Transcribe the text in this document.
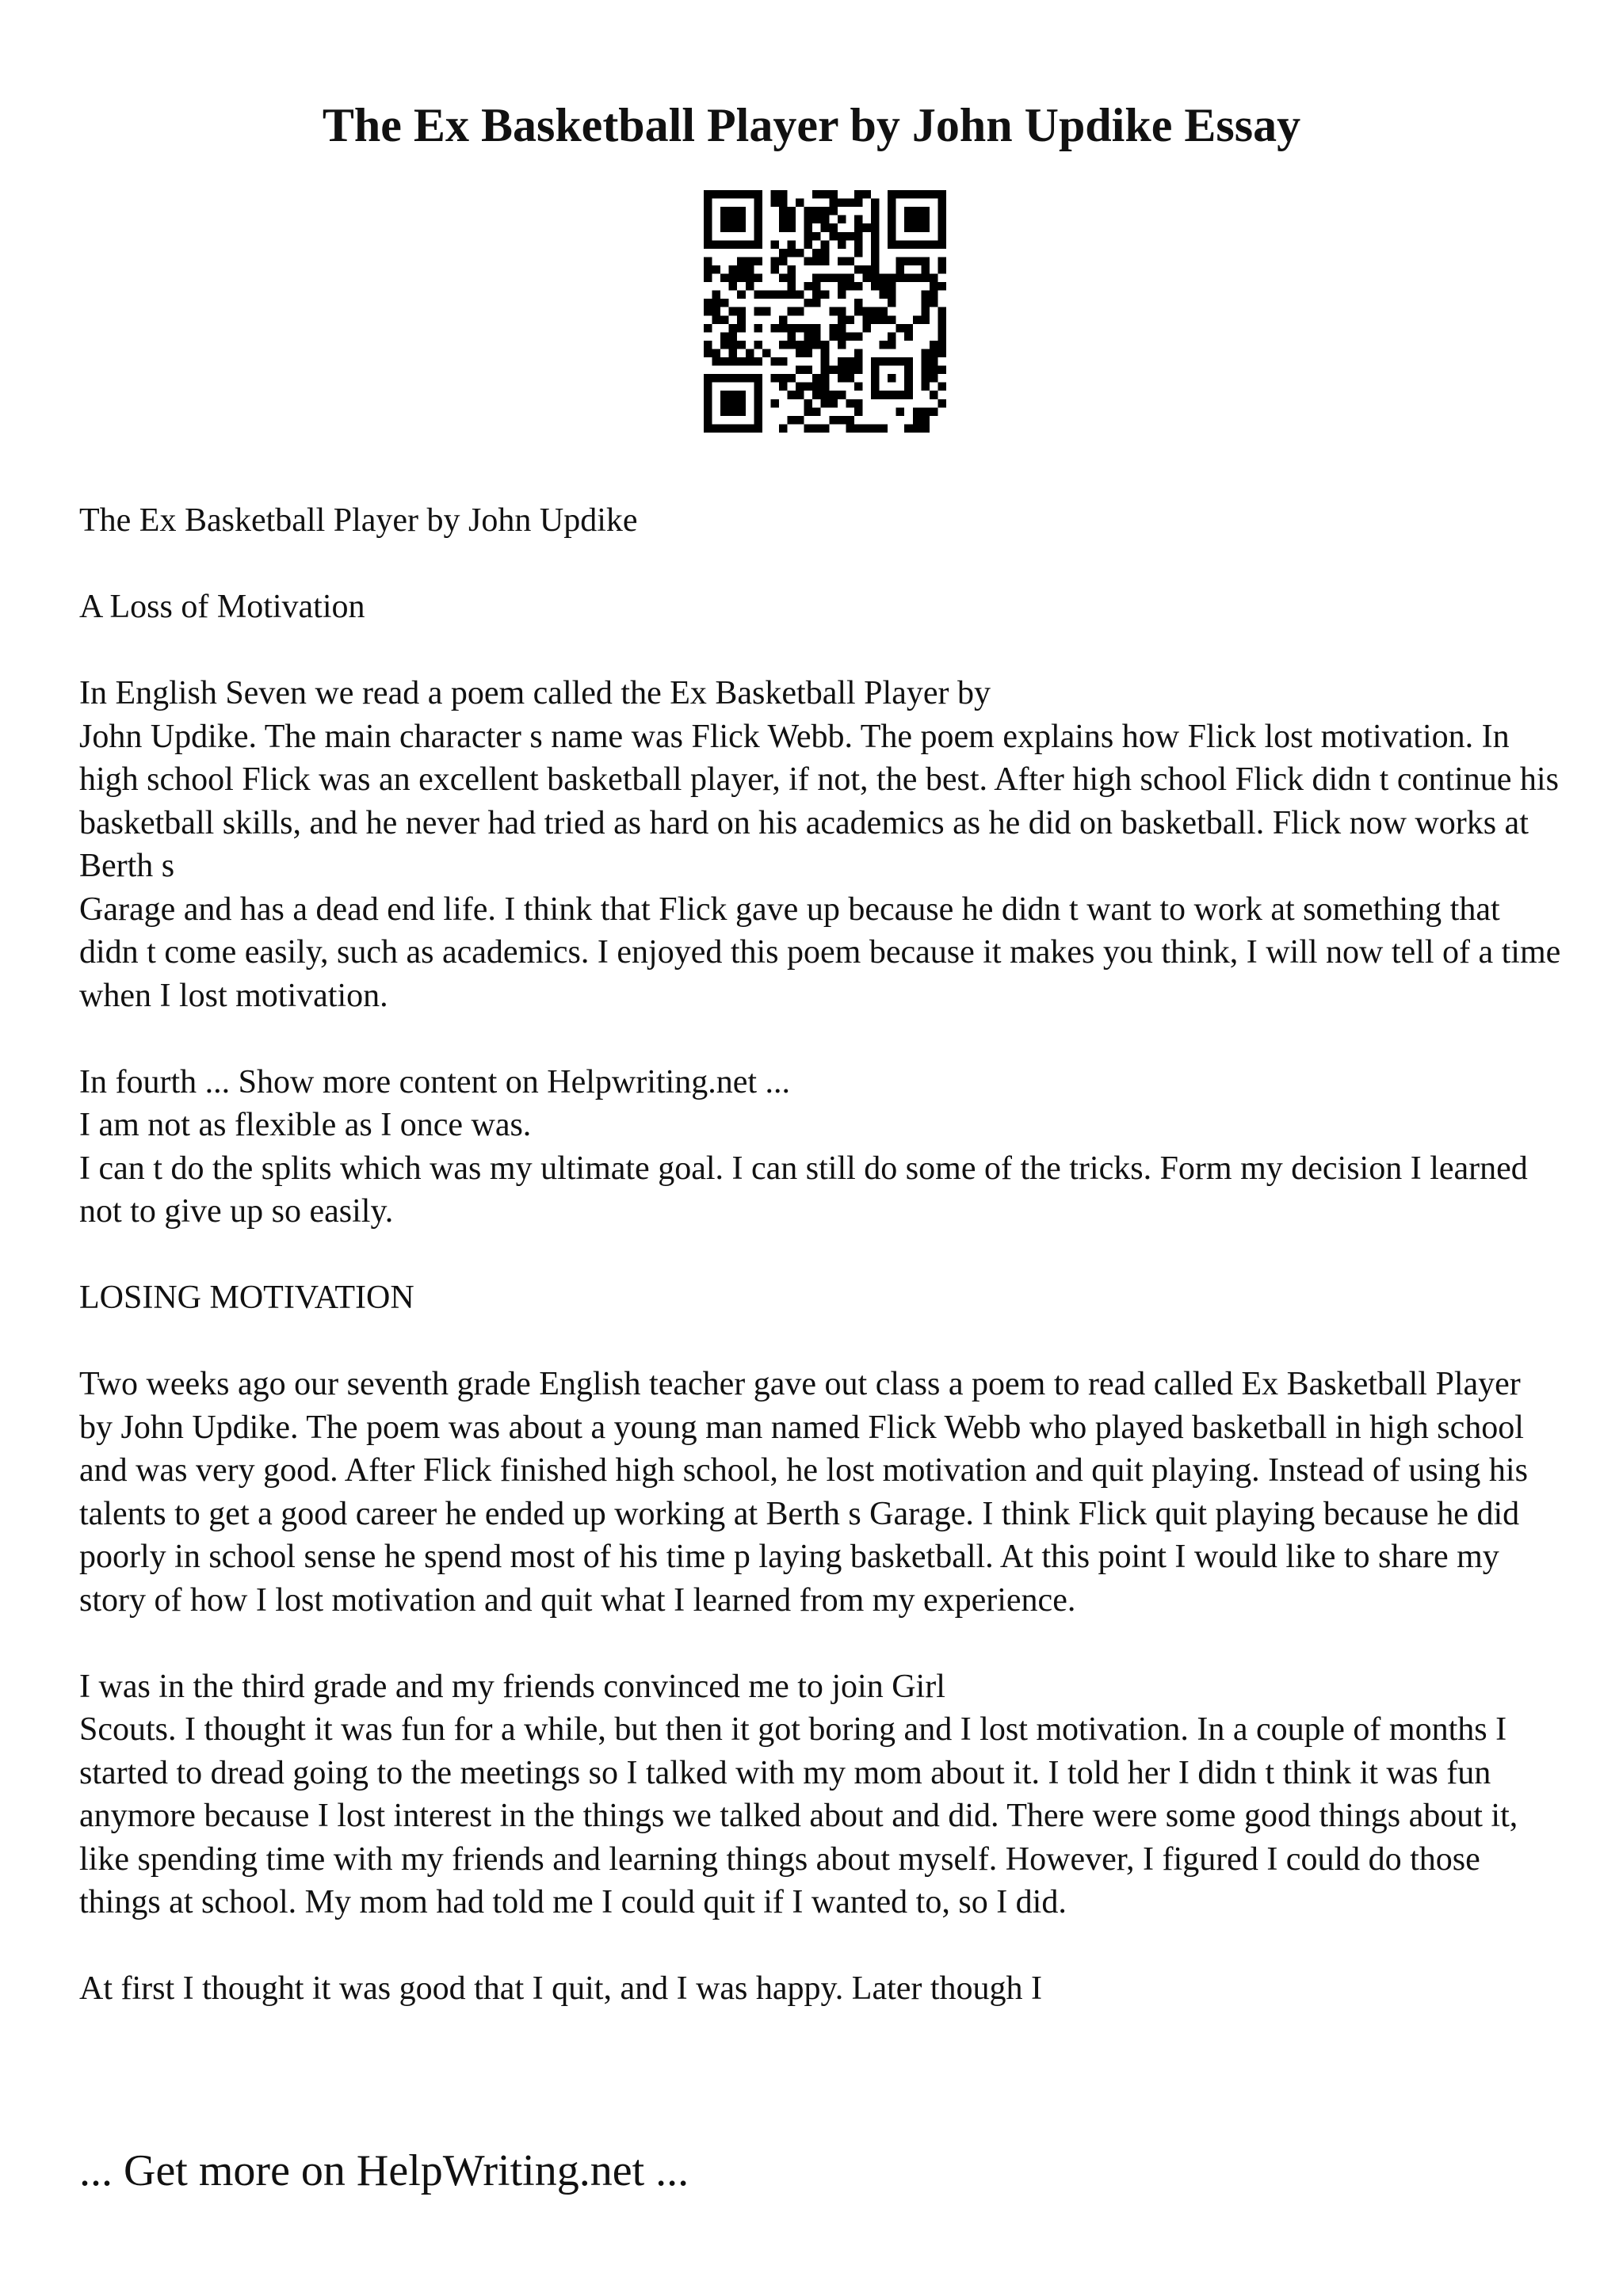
The Ex Basketball Player by John Updike Essay

The Ex Basketball Player by John Updike

A Loss of Motivation

In English Seven we read a poem called the Ex Basketball Player by
John Updike. The main character s name was Flick Webb. The poem explains how Flick lost motivation. In high school Flick was an excellent basketball player, if not, the best. After high school Flick didn t continue his basketball skills, and he never had tried as hard on his academics as he did on basketball. Flick now works at Berth s
Garage and has a dead end life. I think that Flick gave up because he didn t want to work at something that didn t come easily, such as academics. I enjoyed this poem because it makes you think, I will now tell of a time when I lost motivation.

In fourth ... Show more content on Helpwriting.net ...
I am not as flexible as I once was.
I can t do the splits which was my ultimate goal. I can still do some of the tricks. Form my decision I learned not to give up so easily.

LOSING MOTIVATION

Two weeks ago our seventh grade English teacher gave out class a poem to read called Ex Basketball Player by John Updike. The poem was about a young man named Flick Webb who played basketball in high school and was very good. After Flick finished high school, he lost motivation and quit playing. Instead of using his talents to get a good career he ended up working at Berth s Garage. I think Flick quit playing because he did poorly in school sense he spend most of his time p laying basketball. At this point I would like to share my story of how I lost motivation and quit what I learned from my experience.

I was in the third grade and my friends convinced me to join Girl
Scouts. I thought it was fun for a while, but then it got boring and I lost motivation. In a couple of months I started to dread going to the meetings so I talked with my mom about it. I told her I didn t think it was fun anymore because I lost interest in the things we talked about and did. There were some good things about it, like spending time with my friends and learning things about myself. However, I figured I could do those things at school. My mom had told me I could quit if I wanted to, so I did.

At first I thought it was good that I quit, and I was happy. Later though I

... Get more on HelpWriting.net ...
